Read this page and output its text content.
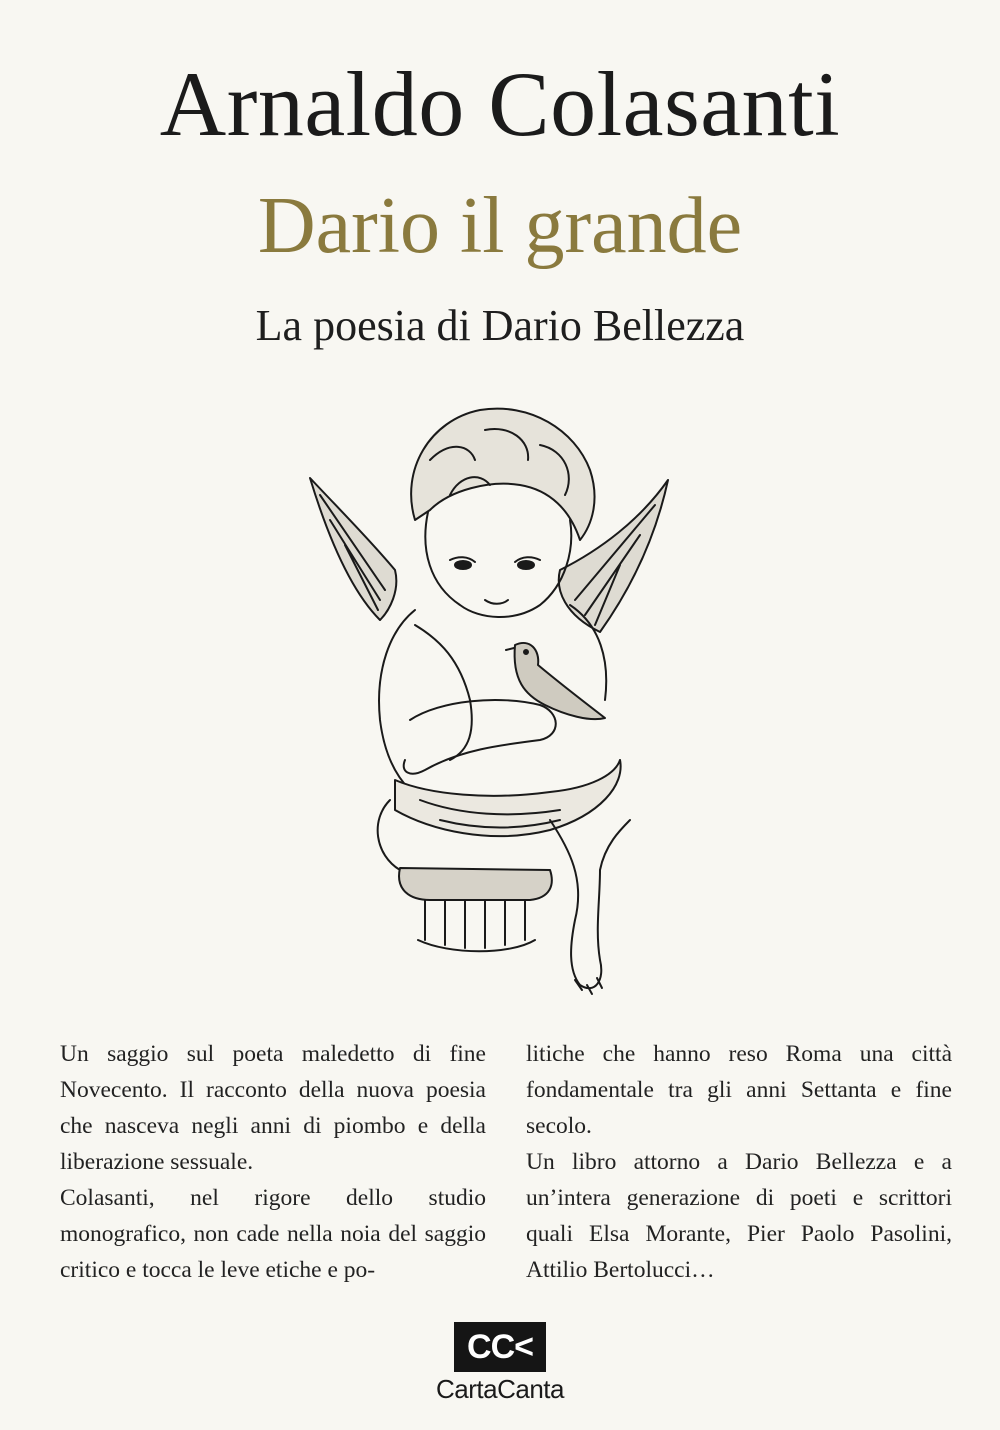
Arnaldo Colasanti
Dario il grande
La poesia di Dario Bellezza

Un saggio sul poeta maledetto di fine Novecento. Il racconto della nuova poesia che nasceva negli anni di piombo e della liberazione sessuale.

Colasanti, nel rigore dello studio monografico, non cade nella noia del saggio critico e tocca le leve etiche e po-

litiche che hanno reso Roma una città fondamentale tra gli anni Settanta e fine secolo.

Un libro attorno a Dario Bellezza e a un’intera generazione di poeti e scrittori quali Elsa Morante, Pier Paolo Pasolini, Attilio Bertolucci…

CC<
CartaCanta
